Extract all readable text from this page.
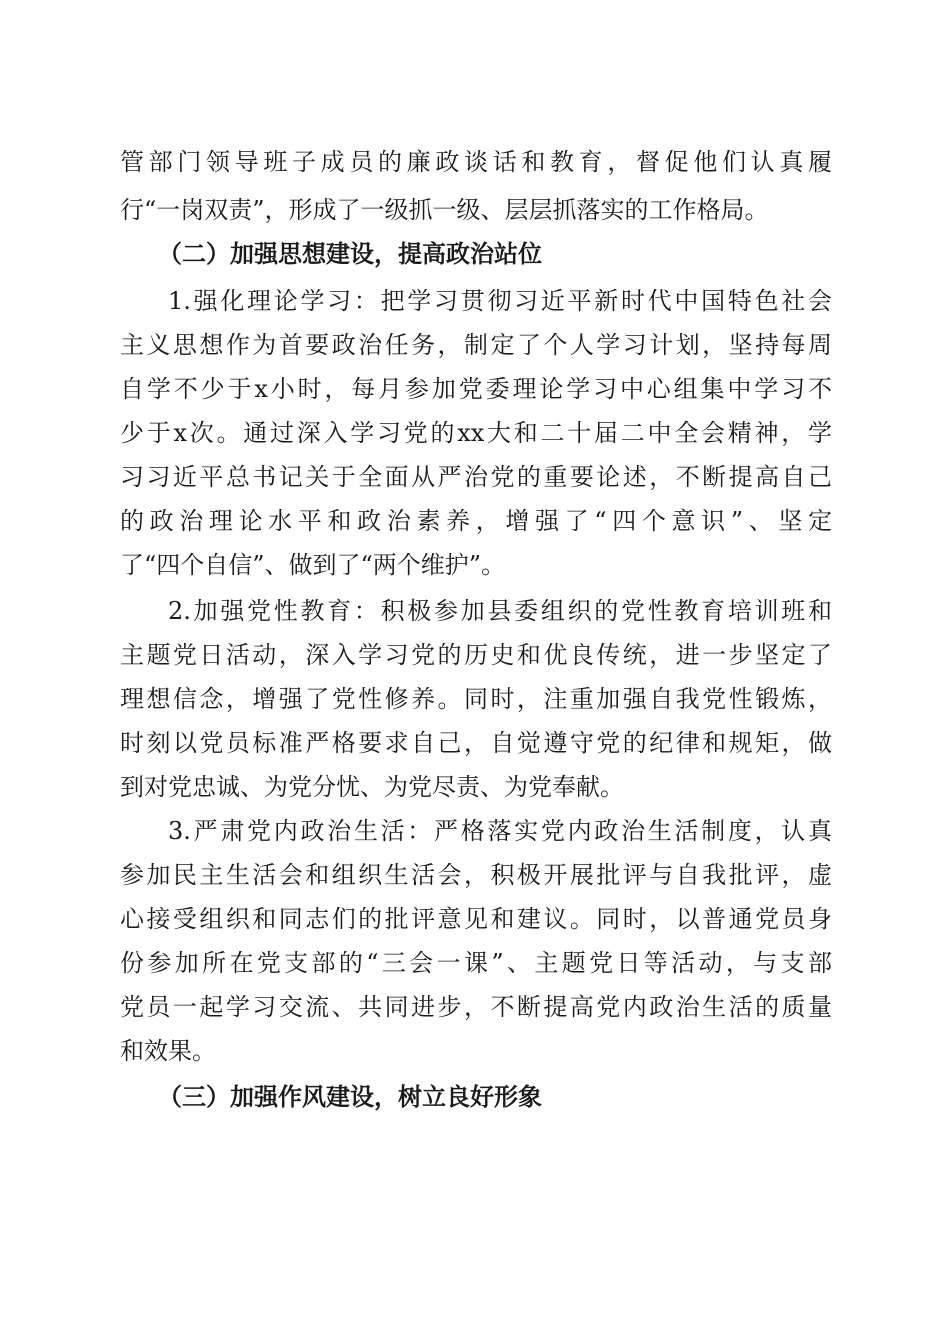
管部门领导班子成员的廉政谈话和教育，督促他们认真履
行“一岗双责”，形成了一级抓一级、层层抓落实的工作格局。
（二）加强思想建设，提高政治站位
1.强化理论学习：把学习贯彻习近平新时代中国特色社会
主义思想作为首要政治任务，制定了个人学习计划，坚持每周
自学不少于x小时，每月参加党委理论学习中心组集中学习不
少于x次。通过深入学习党的xx大和二十届二中全会精神，学
习习近平总书记关于全面从严治党的重要论述，不断提高自己
的政治理论水平和政治素养，增强了“四个意识”、坚定
了“四个自信”、做到了“两个维护”。
2.加强党性教育：积极参加县委组织的党性教育培训班和
主题党日活动，深入学习党的历史和优良传统，进一步坚定了
理想信念，增强了党性修养。同时，注重加强自我党性锻炼，
时刻以党员标准严格要求自己，自觉遵守党的纪律和规矩，做
到对党忠诚、为党分忧、为党尽责、为党奉献。
3.严肃党内政治生活：严格落实党内政治生活制度，认真
参加民主生活会和组织生活会，积极开展批评与自我批评，虚
心接受组织和同志们的批评意见和建议。同时，以普通党员身
份参加所在党支部的“三会一课”、主题党日等活动，与支部
党员一起学习交流、共同进步，不断提高党内政治生活的质量
和效果。
（三）加强作风建设，树立良好形象
